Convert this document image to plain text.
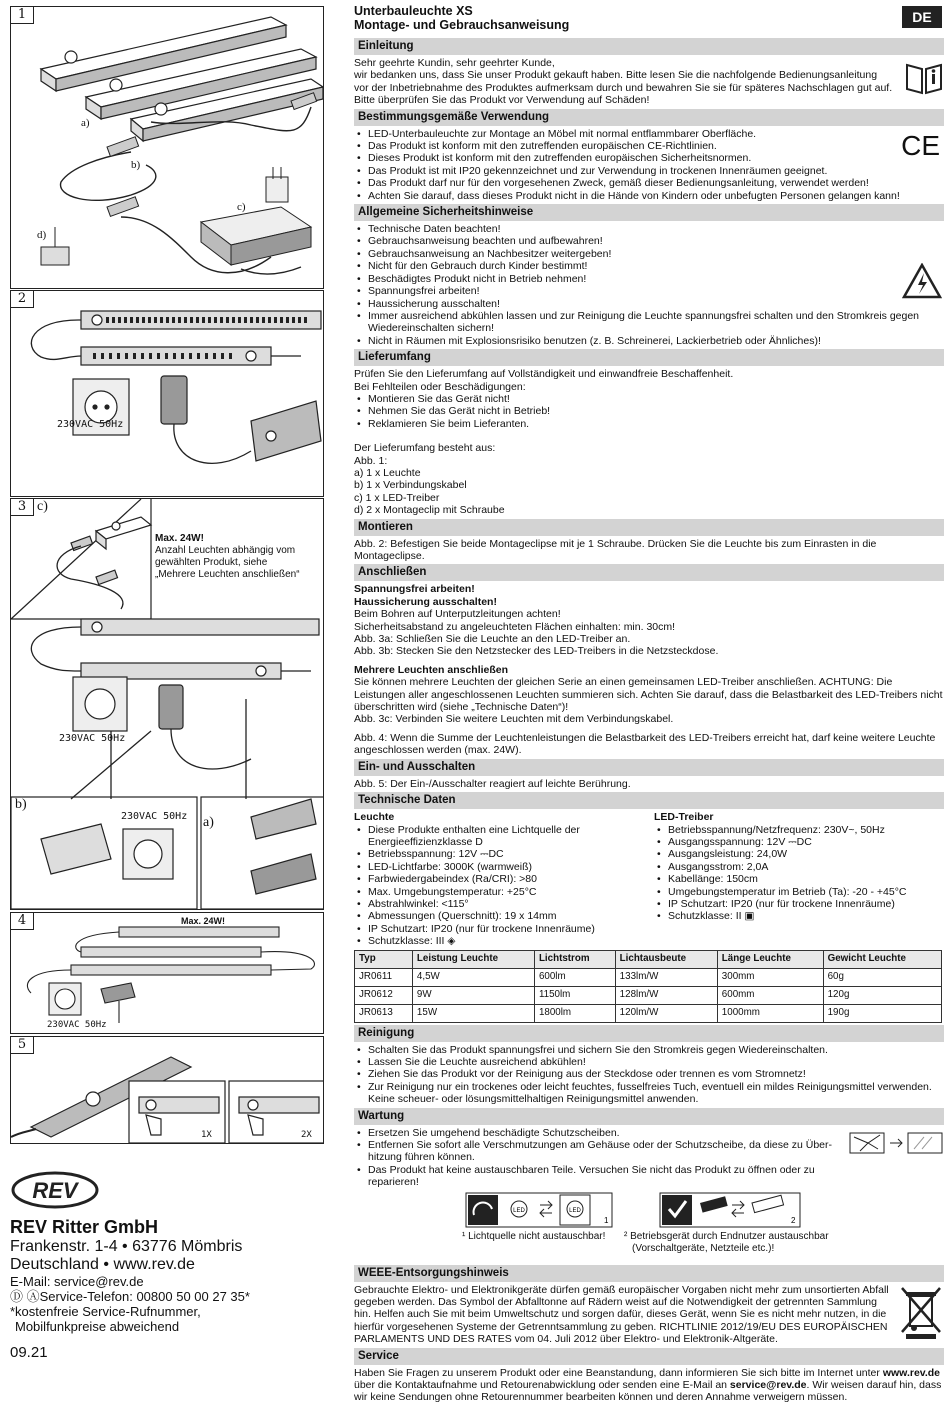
1
a)
b)
c)
d)
2
230VAC 50Hz
3 c)
Max. 24W!
Anzahl Leuchten abhängig vom
gewählten Produkt, siehe
„Mehrere Leuchten anschließen“
230VAC 50Hz
b)
a)
230VAC 50Hz
4	Max. 24W!
230VAC 50Hz
5
1X	2X
REV
REV Ritter GmbH
Frankenstr. 1-4 • 63776 Mömbris
Deutschland • www.rev.de
E-Mail: service@rev.de
Ⓓ ⒶService-Telefon: 00800 50 00 27 35*
*kostenfreie Service-Rufnummer,
Mobilfunkpreise abweichend
09.21
Unterbauleuchte XS
Montage- und Gebrauchsanweisung	DE
Einleitung

Sehr geehrte Kundin, sehr geehrter Kunde,

wir bedanken uns, dass Sie unser Produkt gekauft haben. Bitte lesen Sie die nachfolgende Bedienungsanleitung vor der Inbetriebnahme des Produktes aufmerksam durch und bewahren Sie sie für späteres Nachschlagen gut auf.

Bitte überprüfen Sie das Produkt vor Verwendung auf Schäden!

Bestimmungsgemäße Verwendung
• LED-Unterbauleuchte zur Montage an Möbel mit normal entflammbarer Oberfläche.
• Das Produkt ist konform mit den zutreffenden europäischen CE-Richtlinien.
• Dieses Produkt ist konform mit den zutreffenden europäischen Sicherheitsnormen.
• Das Produkt ist mit IP20 gekennzeichnet und zur Verwendung in trockenen Innenräumen geeignet.
• Das Produkt darf nur für den vorgesehenen Zweck, gemäß dieser Bedienungsanleitung, verwendet werden!
• Achten Sie darauf, dass dieses Produkt nicht in die Hände von Kindern oder unbefugten Personen gelangen kann!
CE
Allgemeine Sicherheitshinweise
• Technische Daten beachten!
• Gebrauchsanweisung beachten und aufbewahren!
• Gebrauchsanweisung an Nachbesitzer weitergeben!
• Nicht für den Gebrauch durch Kinder bestimmt!
• Beschädigtes Produkt nicht in Betrieb nehmen!
• Spannungsfrei arbeiten!
• Haussicherung ausschalten!
• Immer ausreichend abkühlen lassen und zur Reinigung die Leuchte spannungsfrei schalten und den Stromkreis gegen Wiedereinschalten sichern!
• Nicht in Räumen mit Explosionsrisiko benutzen (z. B. Schreinerei, Lackierbetrieb oder Ähnliches)!
Lieferumfang

Prüfen Sie den Lieferumfang auf Vollständigkeit und einwandfreie Beschaffenheit.

Bei Fehlteilen oder Beschädigungen:

• Montieren Sie das Gerät nicht!
• Nehmen Sie das Gerät nicht in Betrieb!
• Reklamieren Sie beim Lieferanten.

Der Lieferumfang besteht aus:

Abb. 1:

a) 1 x Leuchte

b) 1 x Verbindungskabel

c) 1 x LED-Treiber

d) 2 x Montageclip mit Schraube

Montieren

Abb. 2: Befestigen Sie beide Montageclipse mit je 1 Schraube. Drücken Sie die Leuchte bis zum Einrasten in die Montageclipse.

Anschließen

Spannungsfrei arbeiten!

Haussicherung ausschalten!

Beim Bohren auf Unterputzleitungen achten!

Sicherheitsabstand zu angeleuchteten Flächen einhalten: min. 30cm!

Abb. 3a: Schließen Sie die Leuchte an den LED-Treiber an.

Abb. 3b: Stecken Sie den Netzstecker des LED-Treibers in die Netzsteckdose.

Mehrere Leuchten anschließen

Sie können mehrere Leuchten der gleichen Serie an einen gemeinsamen LED-Treiber anschließen. ACHTUNG: Die Leistungen aller angeschlossenen Leuchten summieren sich. Achten Sie darauf, dass die Belastbarkeit des LED-Treibers nicht überschritten wird (siehe „Technische Daten“)!

Abb. 3c: Verbinden Sie weitere Leuchten mit dem Verbindungskabel.

Abb. 4: Wenn die Summe der Leuchtenleistungen die Belastbarkeit des LED-Treibers erreicht hat, darf keine weitere Leuchte angeschlossen werden (max. 24W).

Ein- und Ausschalten

Abb. 5: Der Ein-/Ausschalter reagiert auf leichte Berührung.

Technische Daten
Leuchte
• Diese Produkte enthalten eine Lichtquelle der Energieeffizienzklasse D
• Betriebsspannung: 12V ⎓DC
• LED-Lichtfarbe: 3000K (warmweiß)
• Farbwiedergabeindex (Ra/CRI): >80
• Max. Umgebungstemperatur: +25°C
• Abstrahlwinkel: <115°
• Abmessungen (Querschnitt): 19 x 14mm
• IP Schutzart: IP20 (nur für trockene Innenräume)
• Schutzklasse: III ◈
LED-Treiber
• Betriebsspannung/Netzfrequenz: 230V~, 50Hz
• Ausgangsspannung: 12V ⎓DC
• Ausgangsleistung: 24,0W
• Ausgangsstrom: 2,0A
• Kabellänge: 150cm
• Umgebungstemperatur im Betrieb (Ta): -20 - +45°C
• IP Schutzart: IP20 (nur für trockene Innenräume)
• Schutzklasse: II ▣
Typ	Leistung Leuchte	Lichtstrom	Lichtausbeute	Länge Leuchte	Gewicht Leuchte
JR0611	4,5W	600lm	133lm/W	300mm	60g
JR0612	9W	1150lm	128lm/W	600mm	120g
JR0613	15W	1800lm	120lm/W	1000mm	190g
Reinigung
• Schalten Sie das Produkt spannungsfrei und sichern Sie den Stromkreis gegen Wiedereinschalten.
• Lassen Sie die Leuchte ausreichend abkühlen!
• Ziehen Sie das Produkt vor der Reinigung aus der Steckdose oder trennen es vom Stromnetz!
• Zur Reinigung nur ein trockenes oder leicht feuchtes, fusselfreies Tuch, eventuell ein mildes Reinigungsmittel verwenden. Keine scheuer- oder lösungsmittelhaltigen Reinigungsmittel anwenden.
Wartung
• Ersetzen Sie umgehend beschädigte Schutzscheiben.
• Entfernen Sie sofort alle Verschmutzungen am Gehäuse oder der Schutzscheibe, da diese zu Überhitzung führen können.
• Das Produkt hat keine austauschbaren Teile. Versuchen Sie nicht das Produkt zu öffnen oder zu reparieren!
LED	LED
1	2
¹ Lichtquelle nicht austauschbar! ² Betriebsgerät durch Endnutzer austauschbar
(Vorschaltgeräte, Netzteile etc.)!
WEEE-Entsorgungshinweis

Gebrauchte Elektro- und Elektronikgeräte dürfen gemäß europäischer Vorgaben nicht mehr zum unsortierten Abfall gegeben werden. Das Symbol der Abfalltonne auf Rädern weist auf die Notwendigkeit der getrennten Sammlung hin. Helfen auch Sie mit beim Umweltschutz und sorgen dafür, dieses Gerät, wenn Sie es nicht mehr nutzen, in die hierfür vorgesehenen Systeme der Getrenntsammlung zu geben. RICHTLINIE 2012/19/EU DES EUROPÄISCHEN PARLAMENTS UND DES RATES vom 04. Juli 2012 über Elektro- und Elektronik-Altgeräte.

Service

Haben Sie Fragen zu unserem Produkt oder eine Beanstandung, dann informieren Sie sich bitte im Internet unter www.rev.de über die Kontaktaufnahme und Retourenabwicklung oder senden eine E-Mail an service@rev.de. Wir weisen darauf hin, dass wir keine Sendungen ohne Retourennummer bearbeiten können und deren Annahme verweigern müssen.
